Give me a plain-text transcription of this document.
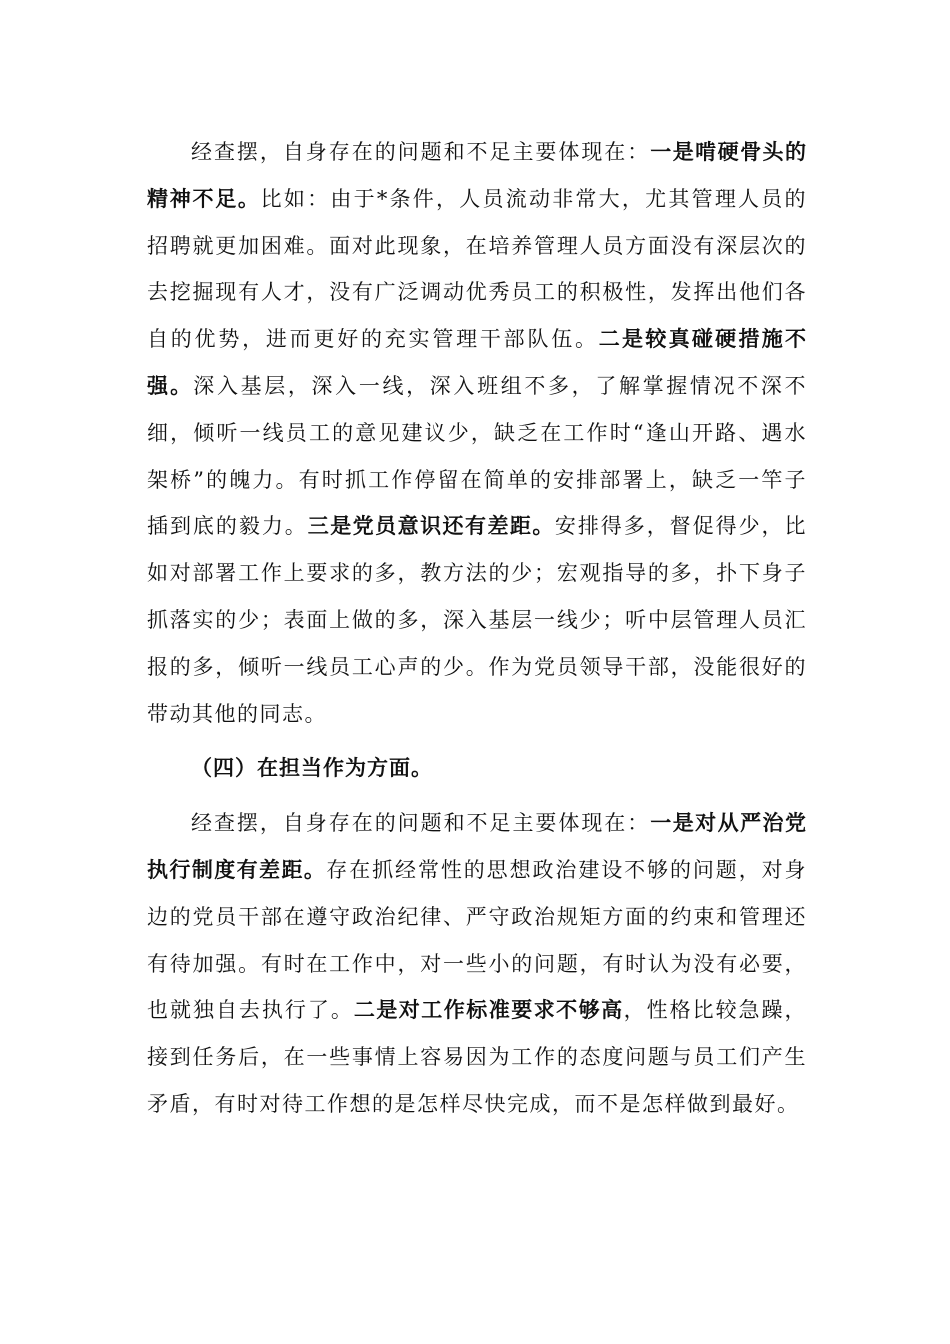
经查摆，自身存在的问题和不足主要体现在：一是啃硬骨头的精神不足。比如：由于*条件，人员流动非常大，尤其管理人员的招聘就更加困难。面对此现象，在培养管理人员方面没有深层次的去挖掘现有人才，没有广泛调动优秀员工的积极性，发挥出他们各自的优势，进而更好的充实管理干部队伍。二是较真碰硬措施不强。深入基层，深入一线，深入班组不多，了解掌握情况不深不细，倾听一线员工的意见建议少，缺乏在工作时“逢山开路、遇水架桥”的魄力。有时抓工作停留在简单的安排部署上，缺乏一竿子插到底的毅力。三是党员意识还有差距。安排得多，督促得少，比如对部署工作上要求的多，教方法的少；宏观指导的多，扑下身子抓落实的少；表面上做的多，深入基层一线少；听中层管理人员汇报的多，倾听一线员工心声的少。作为党员领导干部，没能很好的带动其他的同志。

（四）在担当作为方面。

经查摆，自身存在的问题和不足主要体现在：一是对从严治党执行制度有差距。存在抓经常性的思想政治建设不够的问题，对身边的党员干部在遵守政治纪律、严守政治规矩方面的约束和管理还有待加强。有时在工作中，对一些小的问题，有时认为没有必要，也就独自去执行了。二是对工作标准要求不够高，性格比较急躁，接到任务后，在一些事情上容易因为工作的态度问题与员工们产生矛盾，有时对待工作想的是怎样尽快完成，而不是怎样做到最好。
